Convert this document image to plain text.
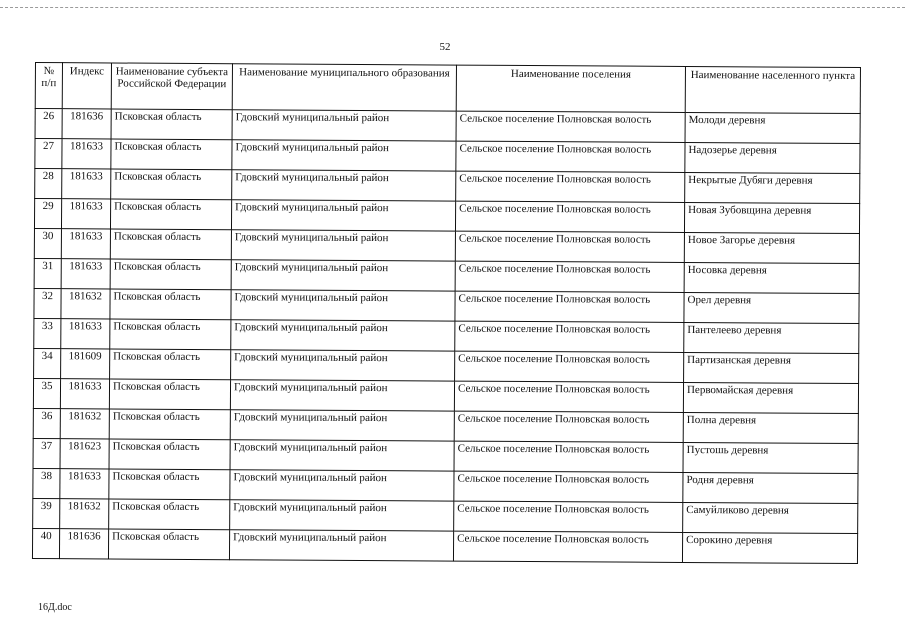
52
№ п/п	Индекс	Наименование субъекта Российской Федерации	Наименование муниципального образования	Наименование поселения	Наименование населенного пункта
26	181636	Псковская область	Гдовский муниципальный район	Сельское поселение Полновская волость	Молоди деревня
27	181633	Псковская область	Гдовский муниципальный район	Сельское поселение Полновская волость	Надозерье деревня
28	181633	Псковская область	Гдовский муниципальный район	Сельское поселение Полновская волость	Некрытые Дубяги деревня
29	181633	Псковская область	Гдовский муниципальный район	Сельское поселение Полновская волость	Новая Зубовщина деревня
30	181633	Псковская область	Гдовский муниципальный район	Сельское поселение Полновская волость	Новое Загорье деревня
31	181633	Псковская область	Гдовский муниципальный район	Сельское поселение Полновская волость	Носовка деревня
32	181632	Псковская область	Гдовский муниципальный район	Сельское поселение Полновская волость	Орел деревня
33	181633	Псковская область	Гдовский муниципальный район	Сельское поселение Полновская волость	Пантелеево деревня
34	181609	Псковская область	Гдовский муниципальный район	Сельское поселение Полновская волость	Партизанская деревня
35	181633	Псковская область	Гдовский муниципальный район	Сельское поселение Полновская волость	Первомайская деревня
36	181632	Псковская область	Гдовский муниципальный район	Сельское поселение Полновская волость	Полна деревня
37	181623	Псковская область	Гдовский муниципальный район	Сельское поселение Полновская волость	Пустошь деревня
38	181633	Псковская область	Гдовский муниципальный район	Сельское поселение Полновская волость	Родня деревня
39	181632	Псковская область	Гдовский муниципальный район	Сельское поселение Полновская волость	Самуйликово деревня
40	181636	Псковская область	Гдовский муниципальный район	Сельское поселение Полновская волость	Сорокино деревня
16Д.doc
